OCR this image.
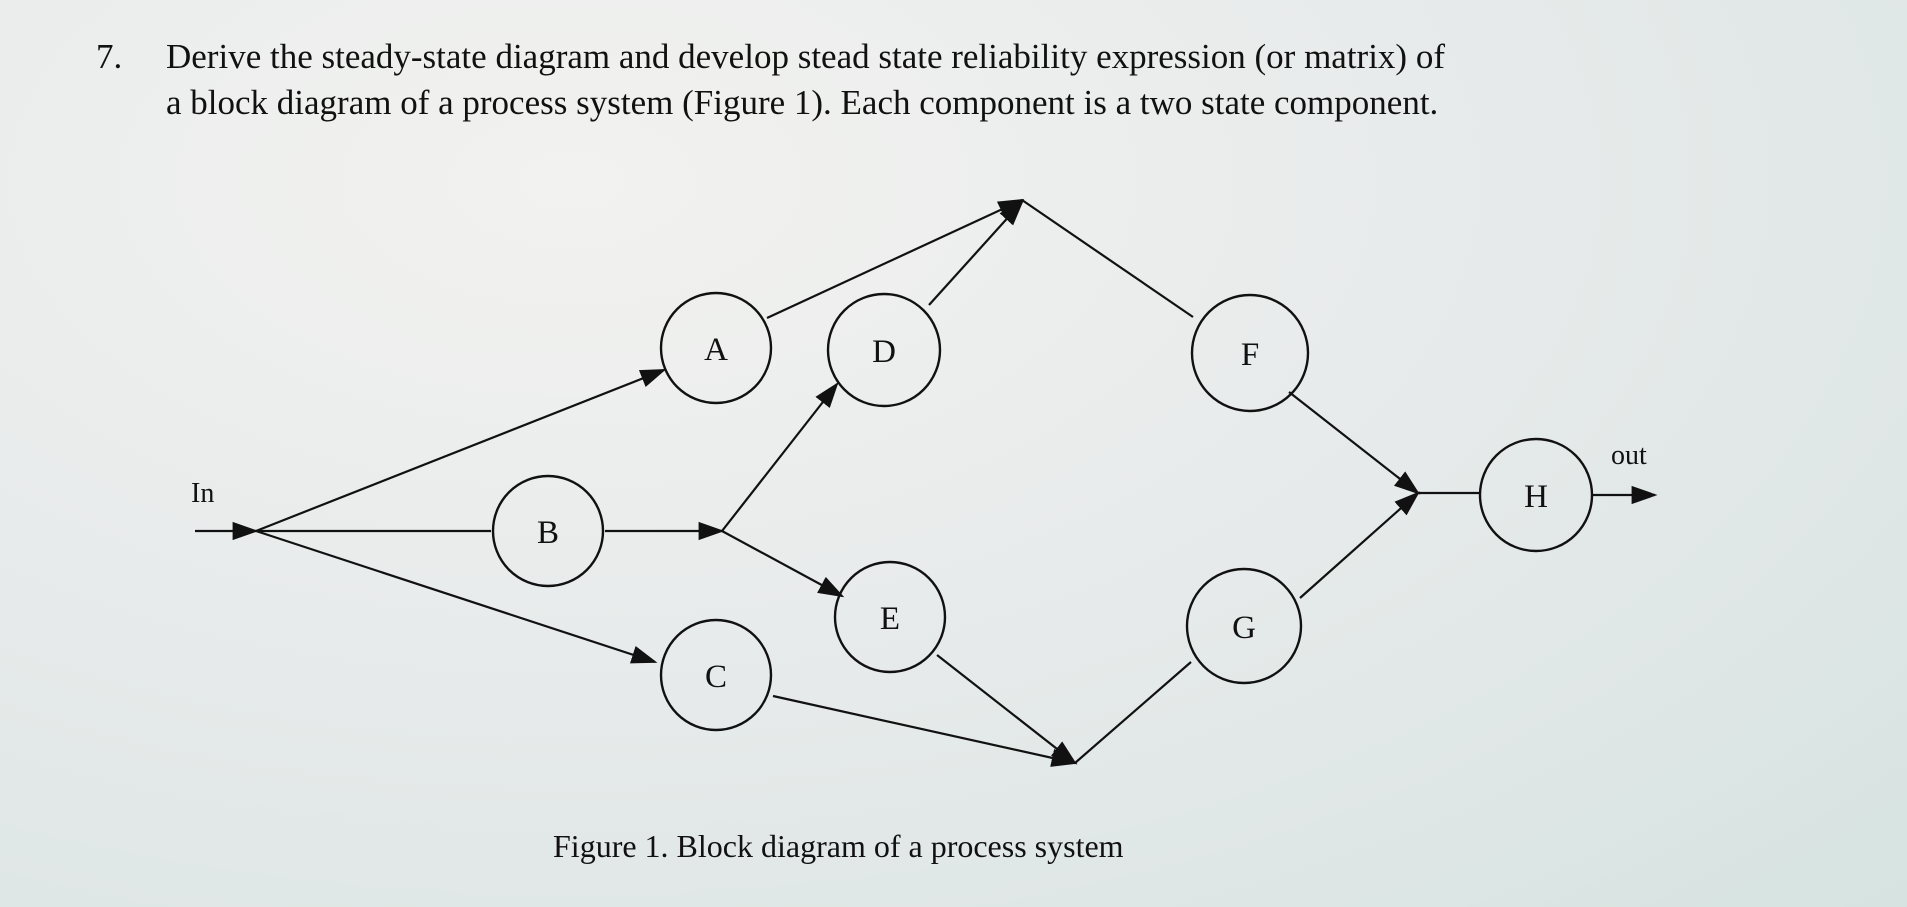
7. Derive the steady-state diagram and develop stead state reliability expression (or matrix) of
a block diagram of a process system (Figure 1). Each component is a two state component.
A
B
C
D
E
F
G
H
In
out
Figure 1. Block diagram of a process system
